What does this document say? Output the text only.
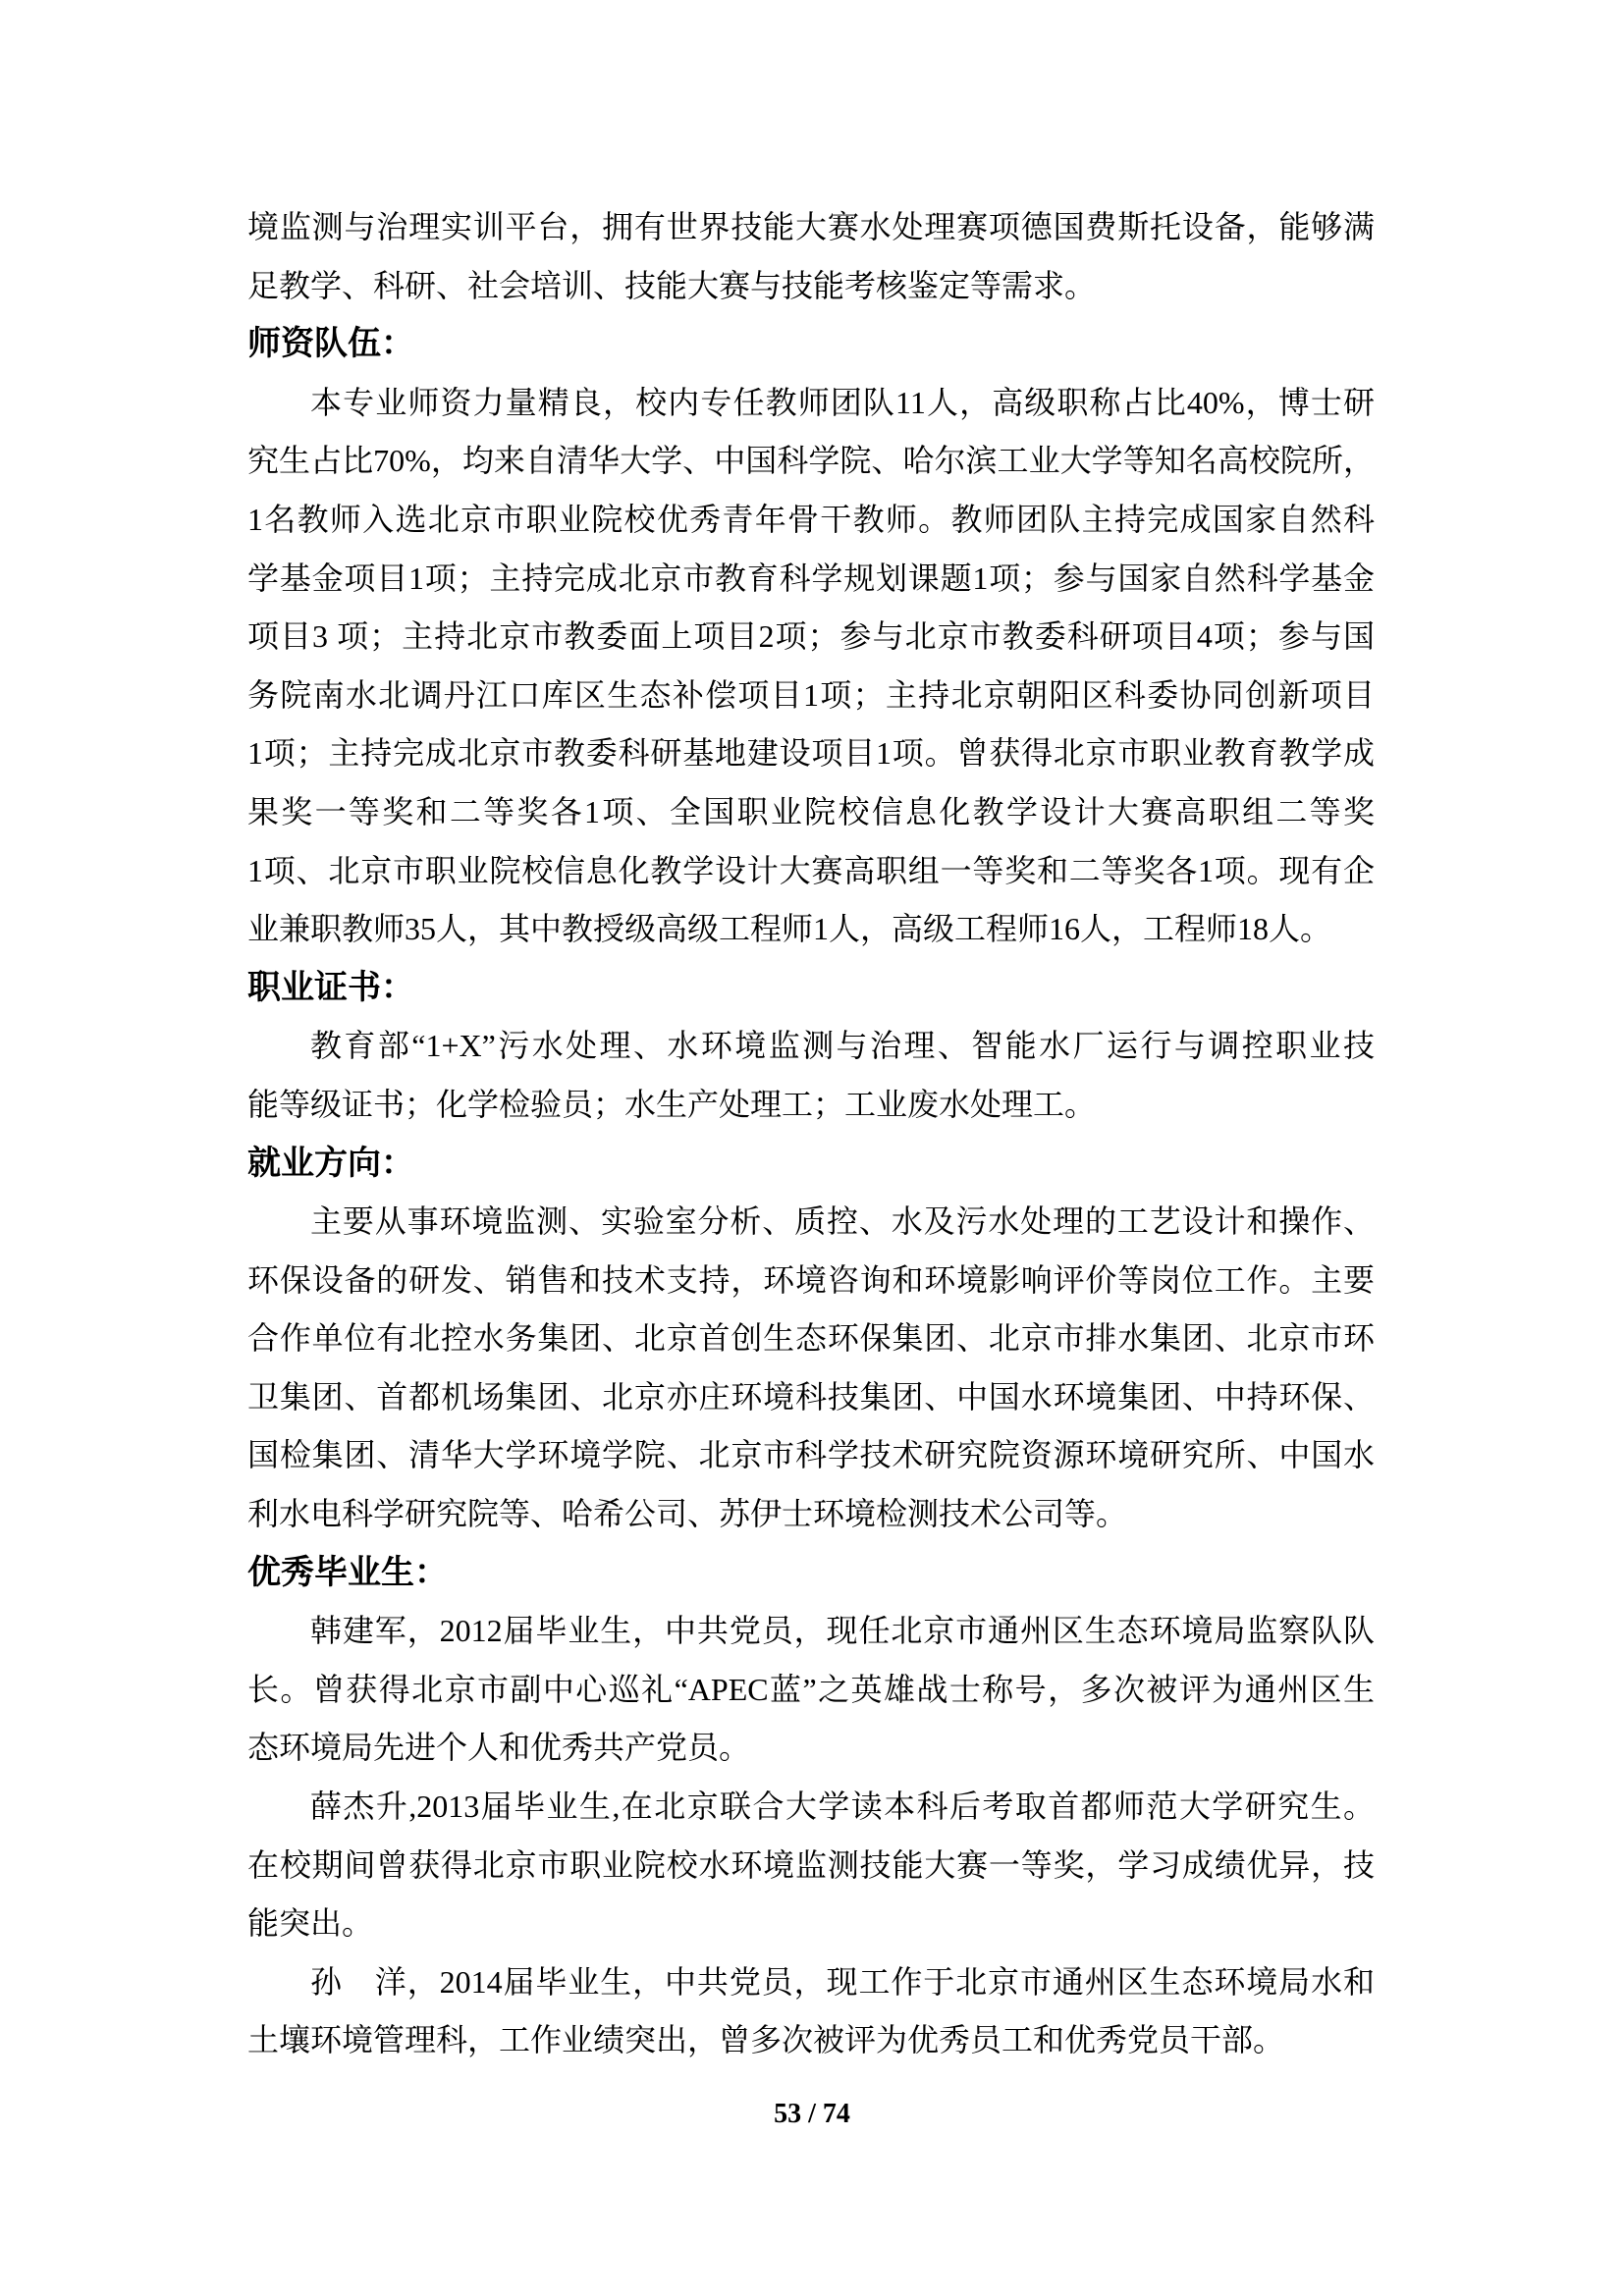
境监测与治理实训平台，拥有世界技能大赛水处理赛项德国费斯托设备，能够满
足教学、科研、社会培训、技能大赛与技能考核鉴定等需求。
师资队伍：
本专业师资力量精良，校内专任教师团队11人，高级职称占比40%，博士研
究生占比70%，均来自清华大学、中国科学院、哈尔滨工业大学等知名高校院所，
1名教师入选北京市职业院校优秀青年骨干教师。教师团队主持完成国家自然科
学基金项目1项；主持完成北京市教育科学规划课题1项；参与国家自然科学基金
项目3 项；主持北京市教委面上项目2项；参与北京市教委科研项目4项；参与国
务院南水北调丹江口库区生态补偿项目1项；主持北京朝阳区科委协同创新项目
1项；主持完成北京市教委科研基地建设项目1项。曾获得北京市职业教育教学成
果奖一等奖和二等奖各1项、全国职业院校信息化教学设计大赛高职组二等奖
1项、北京市职业院校信息化教学设计大赛高职组一等奖和二等奖各1项。现有企
业兼职教师35人，其中教授级高级工程师1人，高级工程师16人，工程师18人。
职业证书：
教育部“1+X”污水处理、水环境监测与治理、智能水厂运行与调控职业技
能等级证书；化学检验员；水生产处理工；工业废水处理工。
就业方向：
主要从事环境监测、实验室分析、质控、水及污水处理的工艺设计和操作、
环保设备的研发、销售和技术支持，环境咨询和环境影响评价等岗位工作。主要
合作单位有北控水务集团、北京首创生态环保集团、北京市排水集团、北京市环
卫集团、首都机场集团、北京亦庄环境科技集团、中国水环境集团、中持环保、
国检集团、清华大学环境学院、北京市科学技术研究院资源环境研究所、中国水
利水电科学研究院等、哈希公司、苏伊士环境检测技术公司等。
优秀毕业生：
韩建军，2012届毕业生，中共党员，现任北京市通州区生态环境局监察队队
长。曾获得北京市副中心巡礼“APEC蓝”之英雄战士称号，多次被评为通州区生
态环境局先进个人和优秀共产党员。
薛杰升,2013届毕业生,在北京联合大学读本科后考取首都师范大学研究生。
在校期间曾获得北京市职业院校水环境监测技能大赛一等奖，学习成绩优异，技
能突出。
孙　洋，2014届毕业生，中共党员，现工作于北京市通州区生态环境局水和
土壤环境管理科，工作业绩突出，曾多次被评为优秀员工和优秀党员干部。
53 / 74
